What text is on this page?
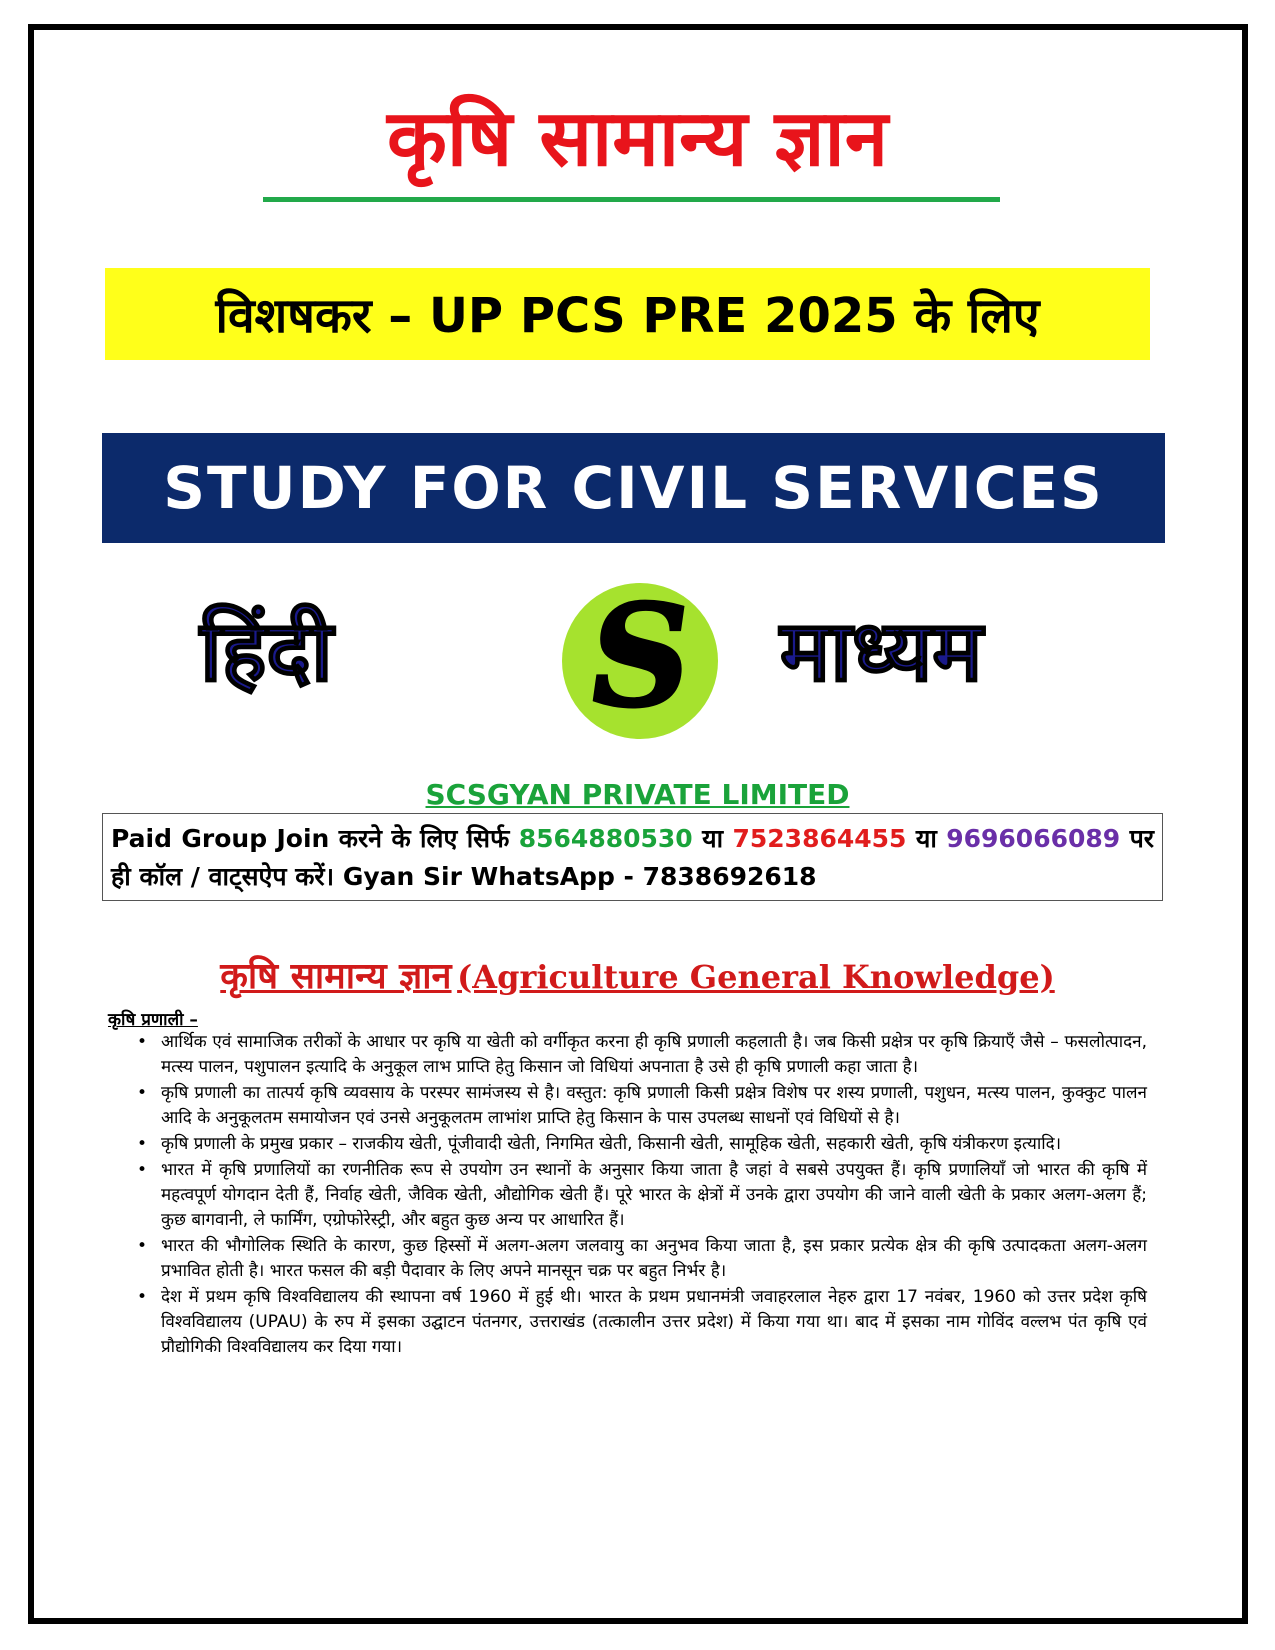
कृषि सामान्य ज्ञान
विशषकर – UP PCS PRE 2025 के लिए
STUDY FOR CIVIL SERVICES
हिंदी S माध्यम
SCSGYAN PRIVATE LIMITED
Paid Group Join करने के लिए सिर्फ 8564880530 या 7523864455 या 9696066089 पर ही कॉल / वाट्सऐप करें। Gyan Sir WhatsApp - 7838692618
कृषि सामान्य ज्ञान (Agriculture General Knowledge)
कृषि प्रणाली –
• आर्थिक एवं सामाजिक तरीकों के आधार पर कृषि या खेती को वर्गीकृत करना ही कृषि प्रणाली कहलाती है। जब किसी प्रक्षेत्र पर कृषि क्रियाएँ जैसे – फसलोत्पादन, मत्स्य पालन, पशुपालन इत्यादि के अनुकूल लाभ प्राप्ति हेतु किसान जो विधियां अपनाता है उसे ही कृषि प्रणाली कहा जाता है।
• कृषि प्रणाली का तात्पर्य कृषि व्यवसाय के परस्पर सामंजस्य से है। वस्तुत: कृषि प्रणाली किसी प्रक्षेत्र विशेष पर शस्य प्रणाली, पशुधन, मत्स्य पालन, कुक्कुट पालन आदि के अनुकूलतम समायोजन एवं उनसे अनुकूलतम लाभांश प्राप्ति हेतु किसान के पास उपलब्ध साधनों एवं विधियों से है।
• कृषि प्रणाली के प्रमुख प्रकार – राजकीय खेती, पूंजीवादी खेती, निगमित खेती, किसानी खेती, सामूहिक खेती, सहकारी खेती, कृषि यंत्रीकरण इत्यादि।
• भारत में कृषि प्रणालियों का रणनीतिक रूप से उपयोग उन स्थानों के अनुसार किया जाता है जहां वे सबसे उपयुक्त हैं। कृषि प्रणालियाँ जो भारत की कृषि में महत्वपूर्ण योगदान देती हैं, निर्वाह खेती, जैविक खेती, औद्योगिक खेती हैं। पूरे भारत के क्षेत्रों में उनके द्वारा उपयोग की जाने वाली खेती के प्रकार अलग-अलग हैं; कुछ बागवानी, ले फार्मिंग, एग्रोफोरेस्ट्री, और बहुत कुछ अन्य पर आधारित हैं।
• भारत की भौगोलिक स्थिति के कारण, कुछ हिस्सों में अलग-अलग जलवायु का अनुभव किया जाता है, इस प्रकार प्रत्येक क्षेत्र की कृषि उत्पादकता अलग-अलग प्रभावित होती है। भारत फसल की बड़ी पैदावार के लिए अपने मानसून चक्र पर बहुत निर्भर है।
• देश में प्रथम कृषि विश्वविद्यालय की स्थापना वर्ष 1960 में हुई थी। भारत के प्रथम प्रधानमंत्री जवाहरलाल नेहरु द्वारा 17 नवंबर, 1960 को उत्तर प्रदेश कृषि विश्वविद्यालय (UPAU) के रुप में इसका उद्घाटन पंतनगर, उत्तराखंड (तत्कालीन उत्तर प्रदेश) में किया गया था। बाद में इसका नाम गोविंद वल्लभ पंत कृषि एवं प्रौद्योगिकी विश्वविद्यालय कर दिया गया।
